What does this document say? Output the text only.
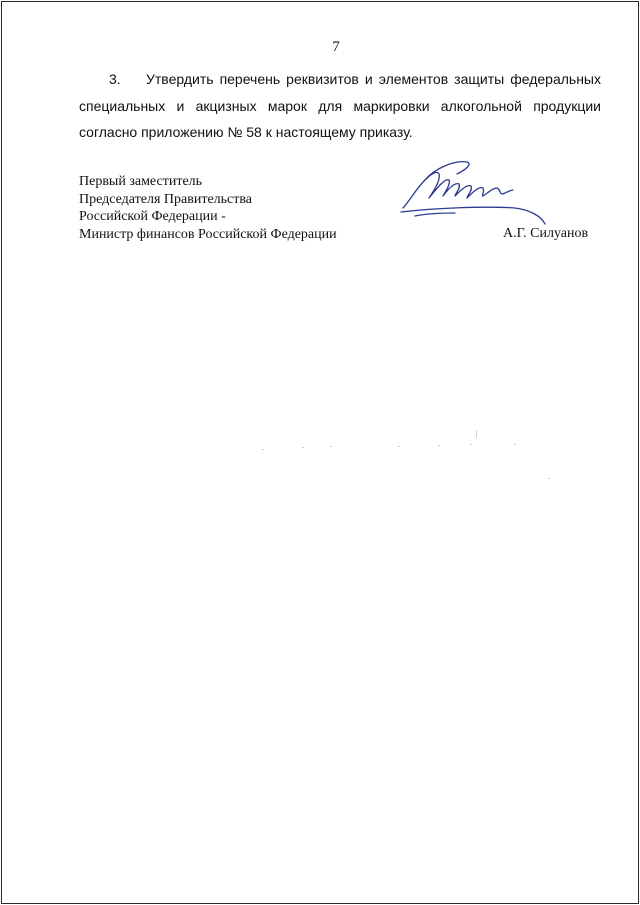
7
3.	Утвердить перечень реквизитов и элементов защиты федеральных
специальных и акцизных марок для маркировки алкогольной продукции
согласно приложению № 58 к настоящему приказу.
Первый заместитель
Председателя Правительства
Российской Федерации -
Министр финансов Российской Федерации	А.Г. Силуанов
